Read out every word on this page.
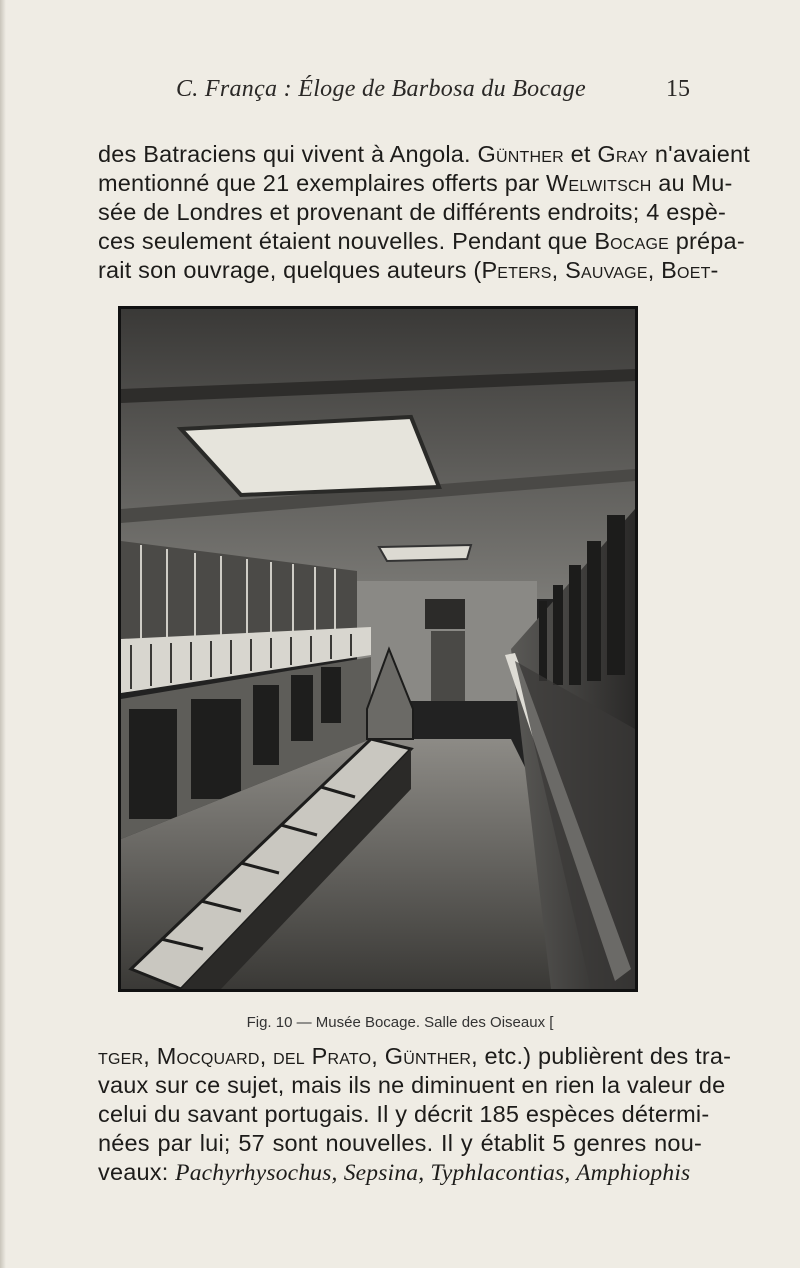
C. França : Éloge de Barbosa du Bocage	15
des Batraciens qui vivent à Angola. Günther et Gray n'avaient
mentionné que 21 exemplaires offerts par Welwitsch au Mu-
sée de Londres et provenant de différents endroits; 4 espè-
ces seulement étaient nouvelles. Pendant que Bocage prépa-
rait son ouvrage, quelques auteurs (Peters, Sauvage, Boet-
Fig. 10 — Musée Bocage. Salle des Oiseaux [
tger, Mocquard, del Prato, Günther, etc.) publièrent des tra-
vaux sur ce sujet, mais ils ne diminuent en rien la valeur de
celui du savant portugais. Il y décrit 185 espèces détermi-
nées par lui; 57 sont nouvelles. Il y établit 5 genres nou-
veaux: Pachyrhysochus, Sepsina, Typhlacontias, Amphiophis
